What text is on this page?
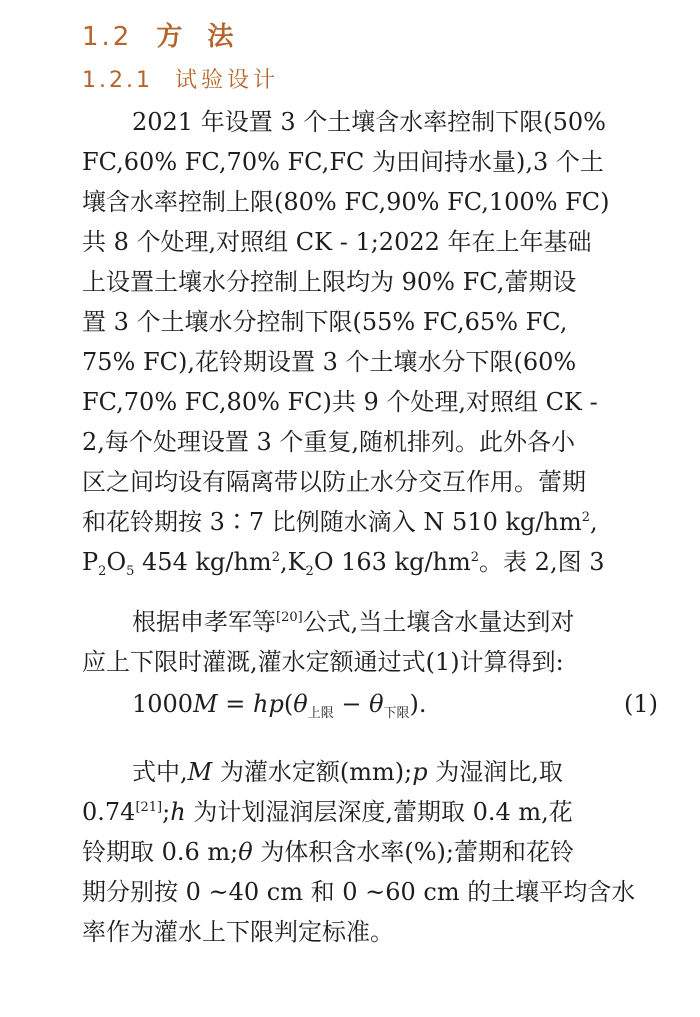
1.2 方 法
1.2.1 试验设计
2021 年设置 3 个土壤含水率控制下限(50%
FC,60% FC,70% FC,FC 为田间持水量),3 个土
壤含水率控制上限(80% FC,90% FC,100% FC)
共 8 个处理,对照组 CK - 1;2022 年在上年基础
上设置土壤水分控制上限均为 90% FC,蕾期设
置 3 个土壤水分控制下限(55% FC,65% FC,
75% FC),花铃期设置 3 个土壤水分下限(60%
FC,70% FC,80% FC)共 9 个处理,对照组 CK -
2,每个处理设置 3 个重复,随机排列。此外各小
区之间均设有隔离带以防止水分交互作用。蕾期
和花铃期按 3∶7 比例随水滴入 N 510 $kg/hm^2$,
$P_2O_5$ 454 $kg/hm^2,K_2O$ 163 $kg/hm^2$。表 2,图 3
根据申孝军等[20]公式,当土壤含水量达到对
应上下限时灌溉,灌水定额通过式(1)计算得到:
$1000M = hp(\theta_{上限} - \theta_{下限})$.	(1)
式中,M 为灌水定额(mm);p 为湿润比,取
0.74[21];h 为计划湿润层深度,蕾期取 0.4 m,花
铃期取 0.6 m;θ 为体积含水率(%);蕾期和花铃
期分别按 0 ~40 cm 和 0 ~60 cm 的土壤平均含水
率作为灌水上下限判定标准。
